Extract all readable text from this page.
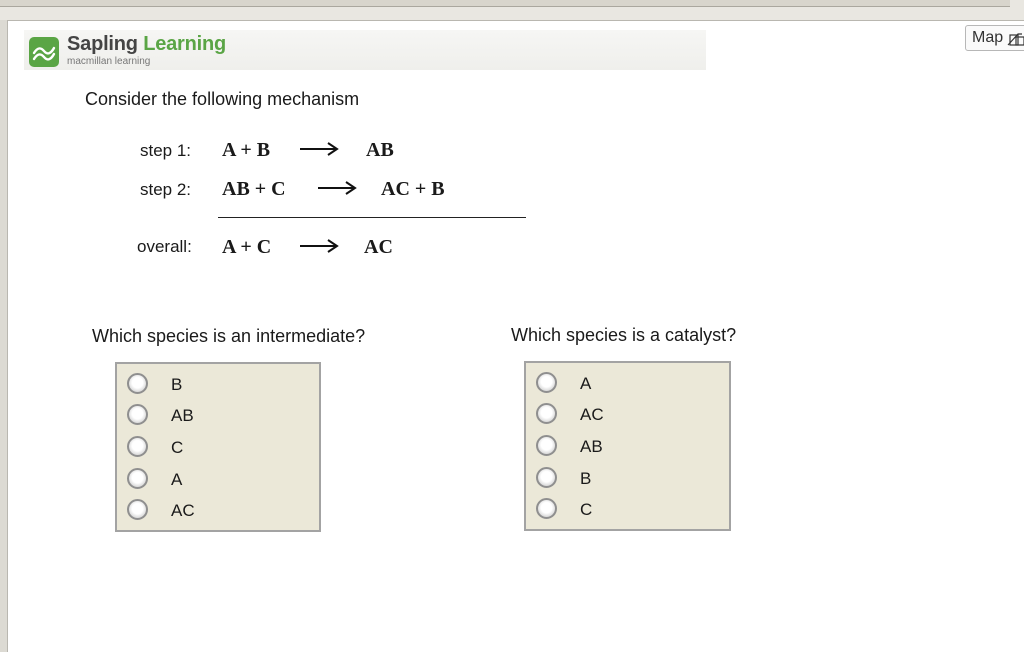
Map
Sapling Learning
macmillan learning
Consider the following mechanism
step 1: A + B	AB
step 2: AB + C	AC + B
overall: A + C	AC
Which species is an intermediate?
B
AB
C
A
AC
Which species is a catalyst?
A
AC
AB
B
C
